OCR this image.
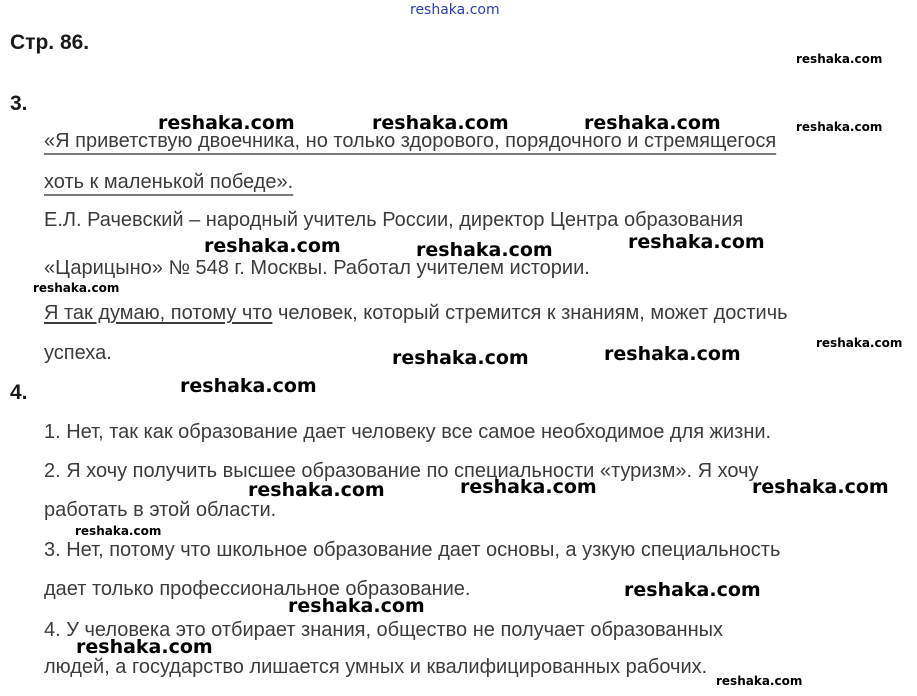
reshaka.com
Стр. 86.
3.
«Я приветствую двоечника, но только здорового, порядочного и стремящегося
хоть к маленькой победе».
Е.Л. Рачевский – народный учитель России, директор Центра образования
«Царицыно» № 548 г. Москвы. Работал учителем истории.
Я так думаю, потому что человек, который стремится к знаниям, может достичь
успеха.
4.
1. Нет, так как образование дает человеку все самое необходимое для жизни.
2. Я хочу получить высшее образование по специальности «туризм». Я хочу
работать в этой области.
3. Нет, потому что школьное образование дает основы, а узкую специальность
дает только профессиональное образование.
4. У человека это отбирает знания, общество не получает образованных
людей, а государство лишается умных и квалифицированных рабочих.
reshaka.com
reshaka.com	reshaka.com	reshaka.com	reshaka.com
reshaka.com	reshaka.com	reshaka.com
reshaka.com
reshaka.com
reshaka.com	reshaka.com
reshaka.com
reshaka.com	reshaka.com	reshaka.com
reshaka.com
reshaka.com
reshaka.com
reshaka.com
reshaka.com
